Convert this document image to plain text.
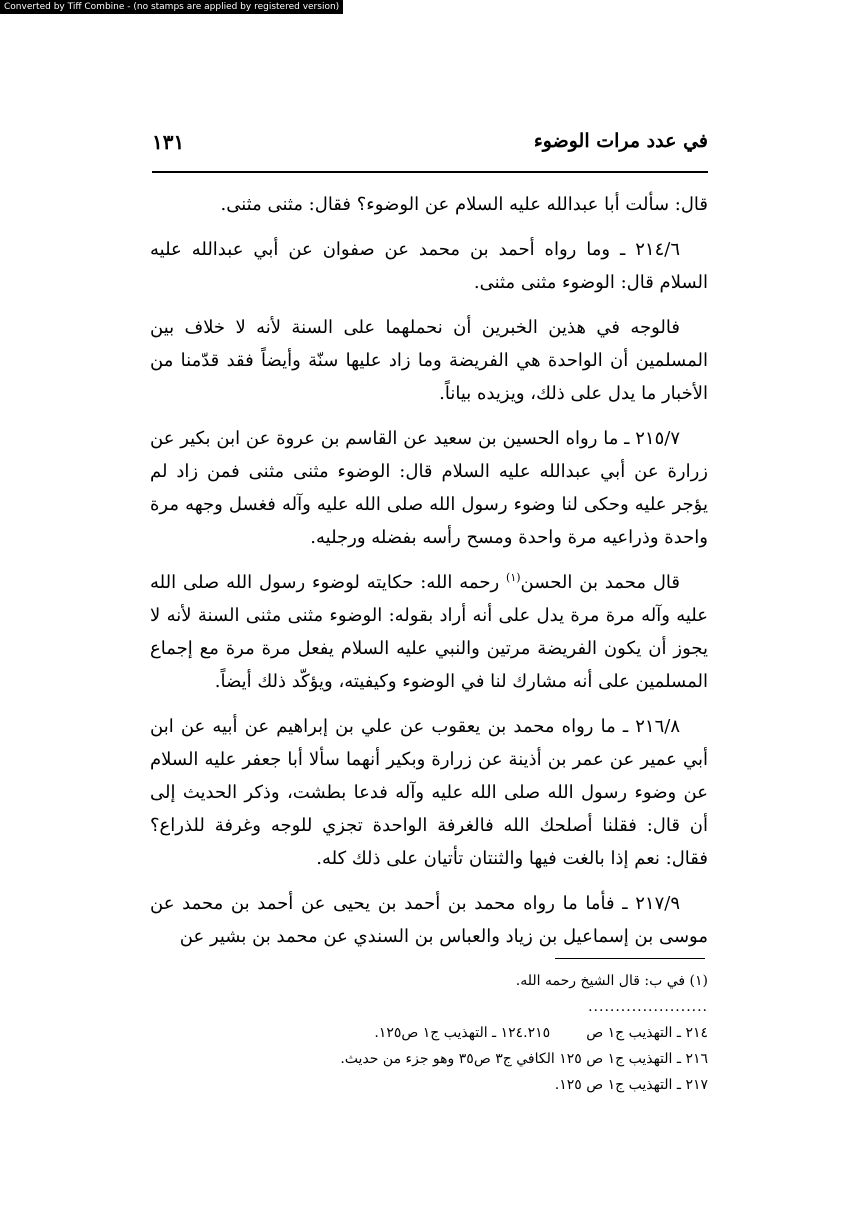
Converted by Tiff Combine - (no stamps are applied by registered version)
في عدد مرات الوضوء
١٣١

قال: سألت أبا عبدالله عليه السلام عن الوضوء؟ فقال: مثنى مثنى.

٢١٤/٦ ـ وما رواه أحمد بن محمد عن صفوان عن أبي عبدالله عليه السلام قال: الوضوء مثنى مثنى.

فالوجه في هذين الخبرين أن نحملهما على السنة لأنه لا خلاف بين المسلمين أن الواحدة هي الفريضة وما زاد عليها سنّة وأيضاً فقد قدّمنا من الأخبار ما يدل على ذلك، ويزيده بياناً.

٢١٥/٧ ـ ما رواه الحسين بن سعيد عن القاسم بن عروة عن ابن بكير عن زرارة عن أبي عبدالله عليه السلام قال: الوضوء مثنى مثنى فمن زاد لم يؤجر عليه وحكى لنا وضوء رسول الله صلى الله عليه وآله فغسل وجهه مرة واحدة وذراعيه مرة واحدة ومسح رأسه بفضله ورجليه.

قال محمد بن الحسن$^{(١)}$ رحمه الله: حكايته لوضوء رسول الله صلى الله عليه وآله مرة مرة يدل على أنه أراد بقوله: الوضوء مثنى مثنى السنة لأنه لا يجوز أن يكون الفريضة مرتين والنبي عليه السلام يفعل مرة مرة مع إجماع المسلمين على أنه مشارك لنا في الوضوء وكيفيته، ويؤكّد ذلك أيضاً.

٢١٦/٨ ـ ما رواه محمد بن يعقوب عن علي بن إبراهيم عن أبيه عن ابن أبي عمير عن عمر بن أذينة عن زرارة وبكير أنهما سألا أبا جعفر عليه السلام عن وضوء رسول الله صلى الله عليه وآله فدعا بطشت، وذكر الحديث إلى أن قال: فقلنا أصلحك الله فالغرفة الواحدة تجزي للوجه وغرفة للذراع؟ فقال: نعم إذا بالغت فيها والثنتان تأتيان على ذلك كله.

٢١٧/٩ ـ فأما ما رواه محمد بن أحمد بن يحيى عن أحمد بن محمد عن موسى بن إسماعيل بن زياد والعباس بن السندي عن محمد بن بشير عن

(١) في ب: قال الشيخ رحمه الله.
......................
٢١٤ ـ التهذيب ج١ ص١٢٤.٢١٥ ـ التهذيب ج١ ص١٢٥.
٢١٦ ـ التهذيب ج١ ص ١٢٥ الكافي ج٣ ص٣٥ وهو جزء من حديث.
٢١٧ ـ التهذيب ج١ ص ١٢٥.
